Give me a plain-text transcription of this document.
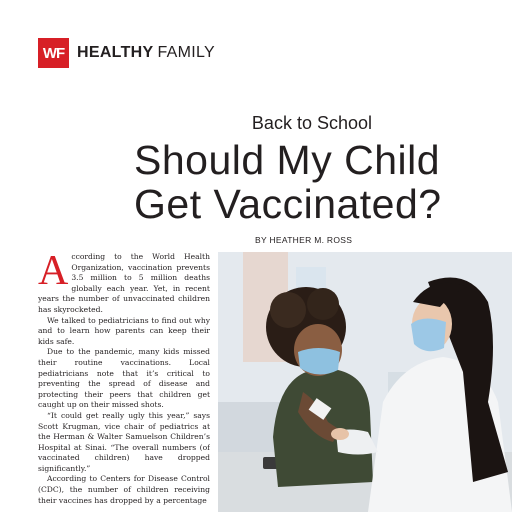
WF HEALTHY FAMILY
Back to School
Should My Child
Get Vaccinated?
BY HEATHER M. ROSS

According to the World Health Organization, vaccination prevents 3.5 million to 5 million deaths globally each year. Yet, in recent years the number of unvaccinated children has skyrocketed.

We talked to pediatricians to find out why and to learn how parents can keep their kids safe.

Due to the pandemic, many kids missed their routine vaccinations. Local pediatricians note that it’s critical to preventing the spread of disease and protecting their peers that children get caught up on their missed shots.

“It could get really ugly this year,” says Scott Krugman, vice chair of pediatrics at the Herman & Walter Samuelson Children’s Hospital at Sinai. “The overall numbers (of vaccinated children) have dropped significantly.”

According to Centers for Disease Control (CDC), the number of children receiving their vaccines has dropped by a percentage
